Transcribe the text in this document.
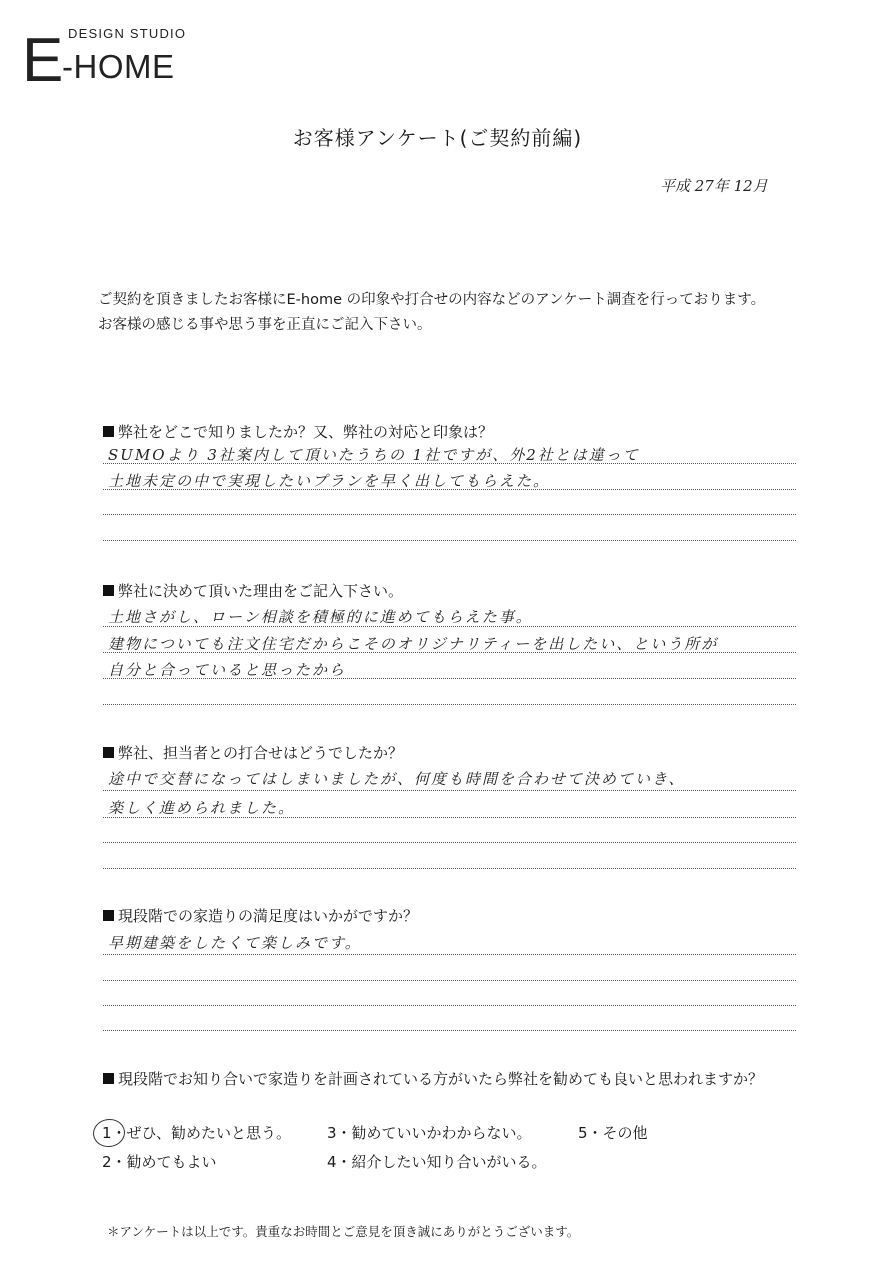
E DESIGN STUDIO
-HOME
お客様アンケート(ご契約前編)
平成 27年 12月
ご契約を頂きましたお客様にE-home の印象や打合せの内容などのアンケート調査を行っております。
お客様の感じる事や思う事を正直にご記入下さい。
弊社をどこで知りましたか？又、弊社の対応と印象は？
SUMOより 3社案内して頂いたうちの 1社ですが、外2社とは違って
土地未定の中で実現したいプランを早く出してもらえた。
弊社に決めて頂いた理由をご記入下さい。
土地さがし、ローン相談を積極的に進めてもらえた事。
建物についても注文住宅だからこそのオリジナリティーを出したい、という所が
自分と合っていると思ったから
弊社、担当者との打合せはどうでしたか？
途中で交替になってはしまいましたが、何度も時間を合わせて決めていき、
楽しく進められました。
現段階での家造りの満足度はいかがですか？
早期建築をしたくて楽しみです。
現段階でお知り合いで家造りを計画されている方がいたら弊社を勧めても良いと思われますか？
1・ぜひ、勧めたいと思う。
2・勧めてもよい
3・勧めていいかわからない。
4・紹介したい知り合いがいる。
5・その他
＊アンケートは以上です。貴重なお時間とご意見を頂き誠にありがとうございます。
